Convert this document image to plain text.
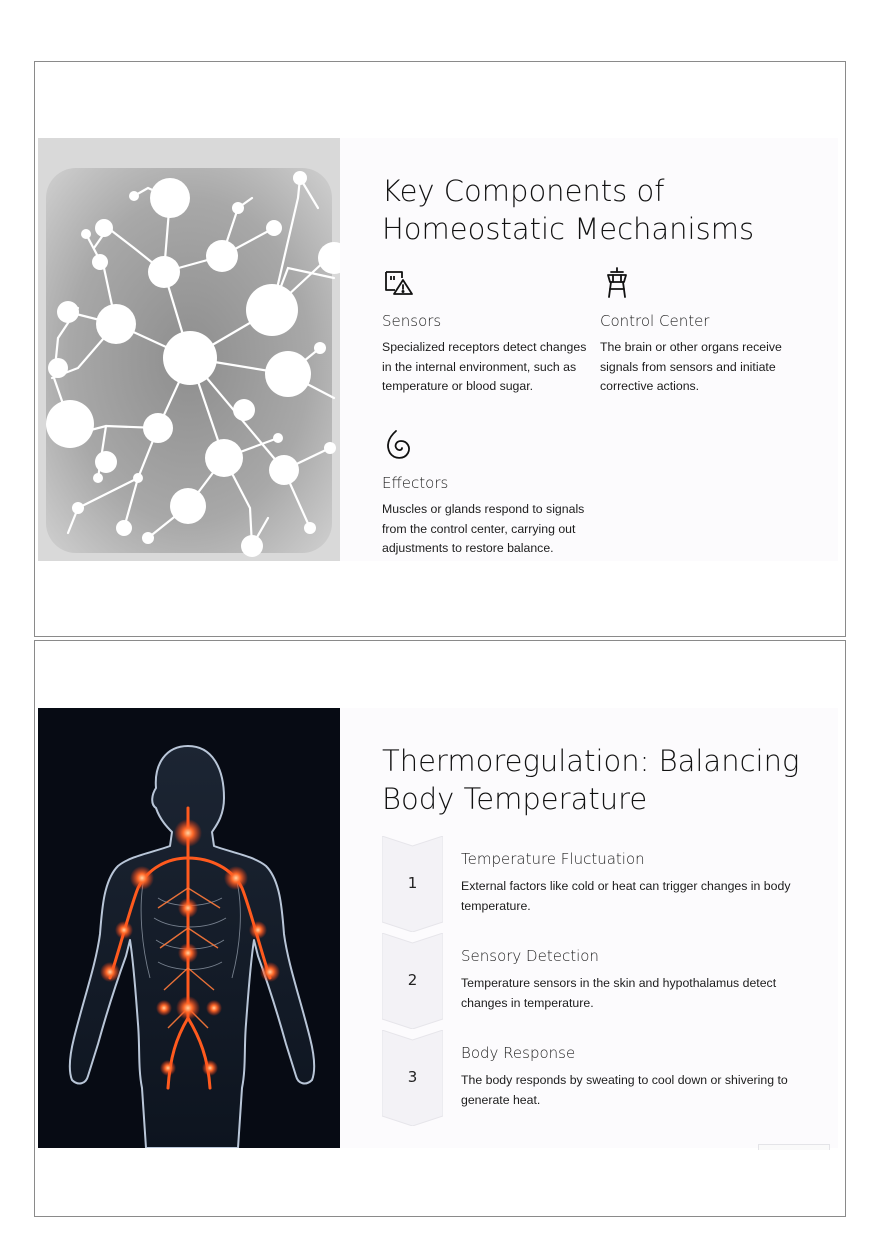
Key Components of Homeostatic Mechanisms
Sensors

Specialized receptors detect changes in the internal environment, such as temperature or blood sugar.

Control Center

The brain or other organs receive signals from sensors and initiate corrective actions.

Effectors

Muscles or glands respond to signals from the control center, carrying out adjustments to restore balance.

Thermoregulation: Balancing Body Temperature
1
Temperature Fluctuation

External factors like cold or heat can trigger changes in body temperature.

2
Sensory Detection

Temperature sensors in the skin and hypothalamus detect changes in temperature.

3
Body Response

The body responds by sweating to cool down or shivering to generate heat.
